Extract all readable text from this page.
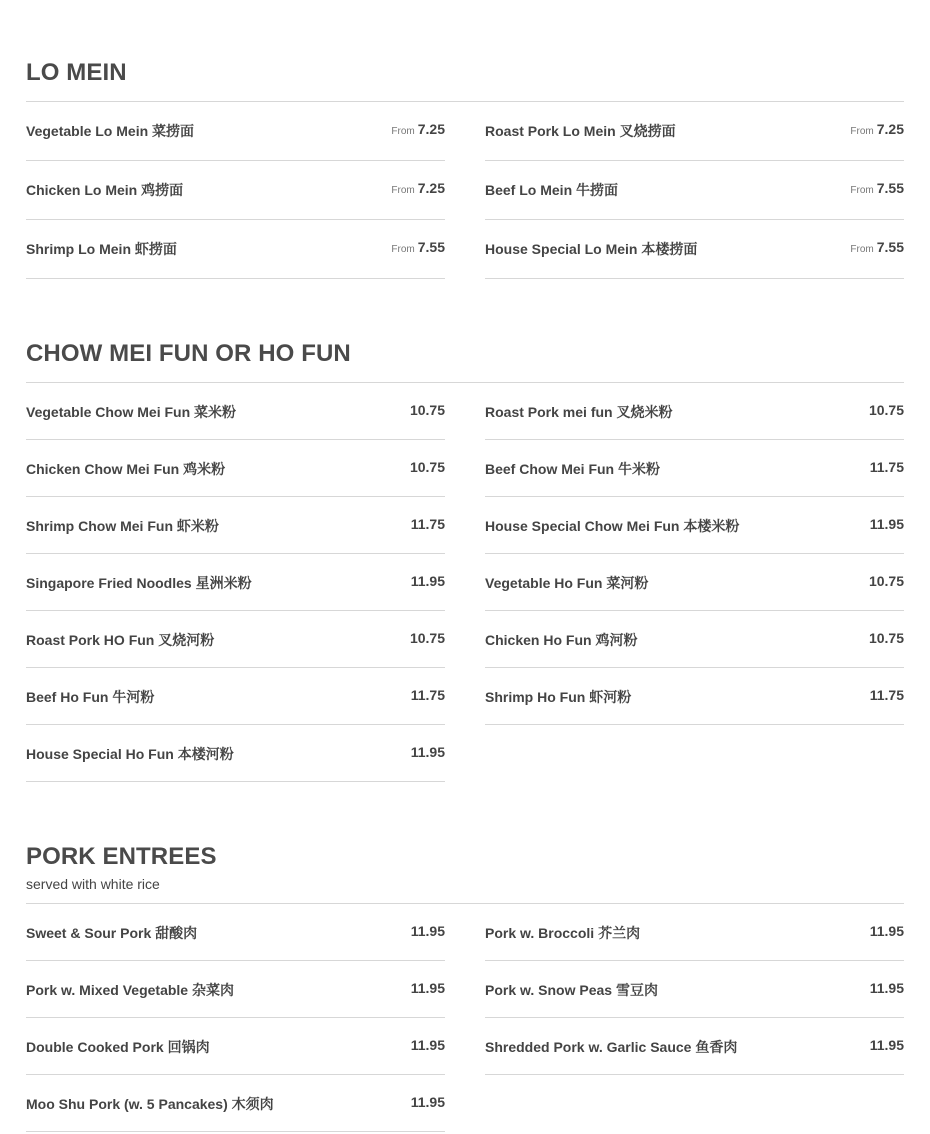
LO MEIN
Vegetable Lo Mein 菜捞面	From 7.25
Chicken Lo Mein 鸡捞面	From 7.25
Shrimp Lo Mein 虾捞面	From 7.55
Roast Pork Lo Mein 叉烧捞面	From 7.25
Beef Lo Mein 牛捞面	From 7.55
House Special Lo Mein 本楼捞面	From 7.55
CHOW MEI FUN OR HO FUN
Vegetable Chow Mei Fun 菜米粉	10.75
Chicken Chow Mei Fun 鸡米粉	10.75
Shrimp Chow Mei Fun 虾米粉	11.75
Singapore Fried Noodles 星洲米粉	11.95
Roast Pork HO Fun 叉烧河粉	10.75
Beef Ho Fun 牛河粉	11.75
House Special Ho Fun 本楼河粉	11.95
Roast Pork mei fun 叉烧米粉	10.75
Beef Chow Mei Fun 牛米粉	11.75
House Special Chow Mei Fun 本楼米粉	11.95
Vegetable Ho Fun 菜河粉	10.75
Chicken Ho Fun 鸡河粉	10.75
Shrimp Ho Fun 虾河粉	11.75
PORK ENTREES
served with white rice
Sweet & Sour Pork 甜酸肉	11.95
Pork w. Mixed Vegetable 杂菜肉	11.95
Double Cooked Pork 回锅肉	11.95
Moo Shu Pork (w. 5 Pancakes) 木须肉	11.95
Pork w. Broccoli 芥兰肉	11.95
Pork w. Snow Peas 雪豆肉	11.95
Shredded Pork w. Garlic Sauce 鱼香肉	11.95
